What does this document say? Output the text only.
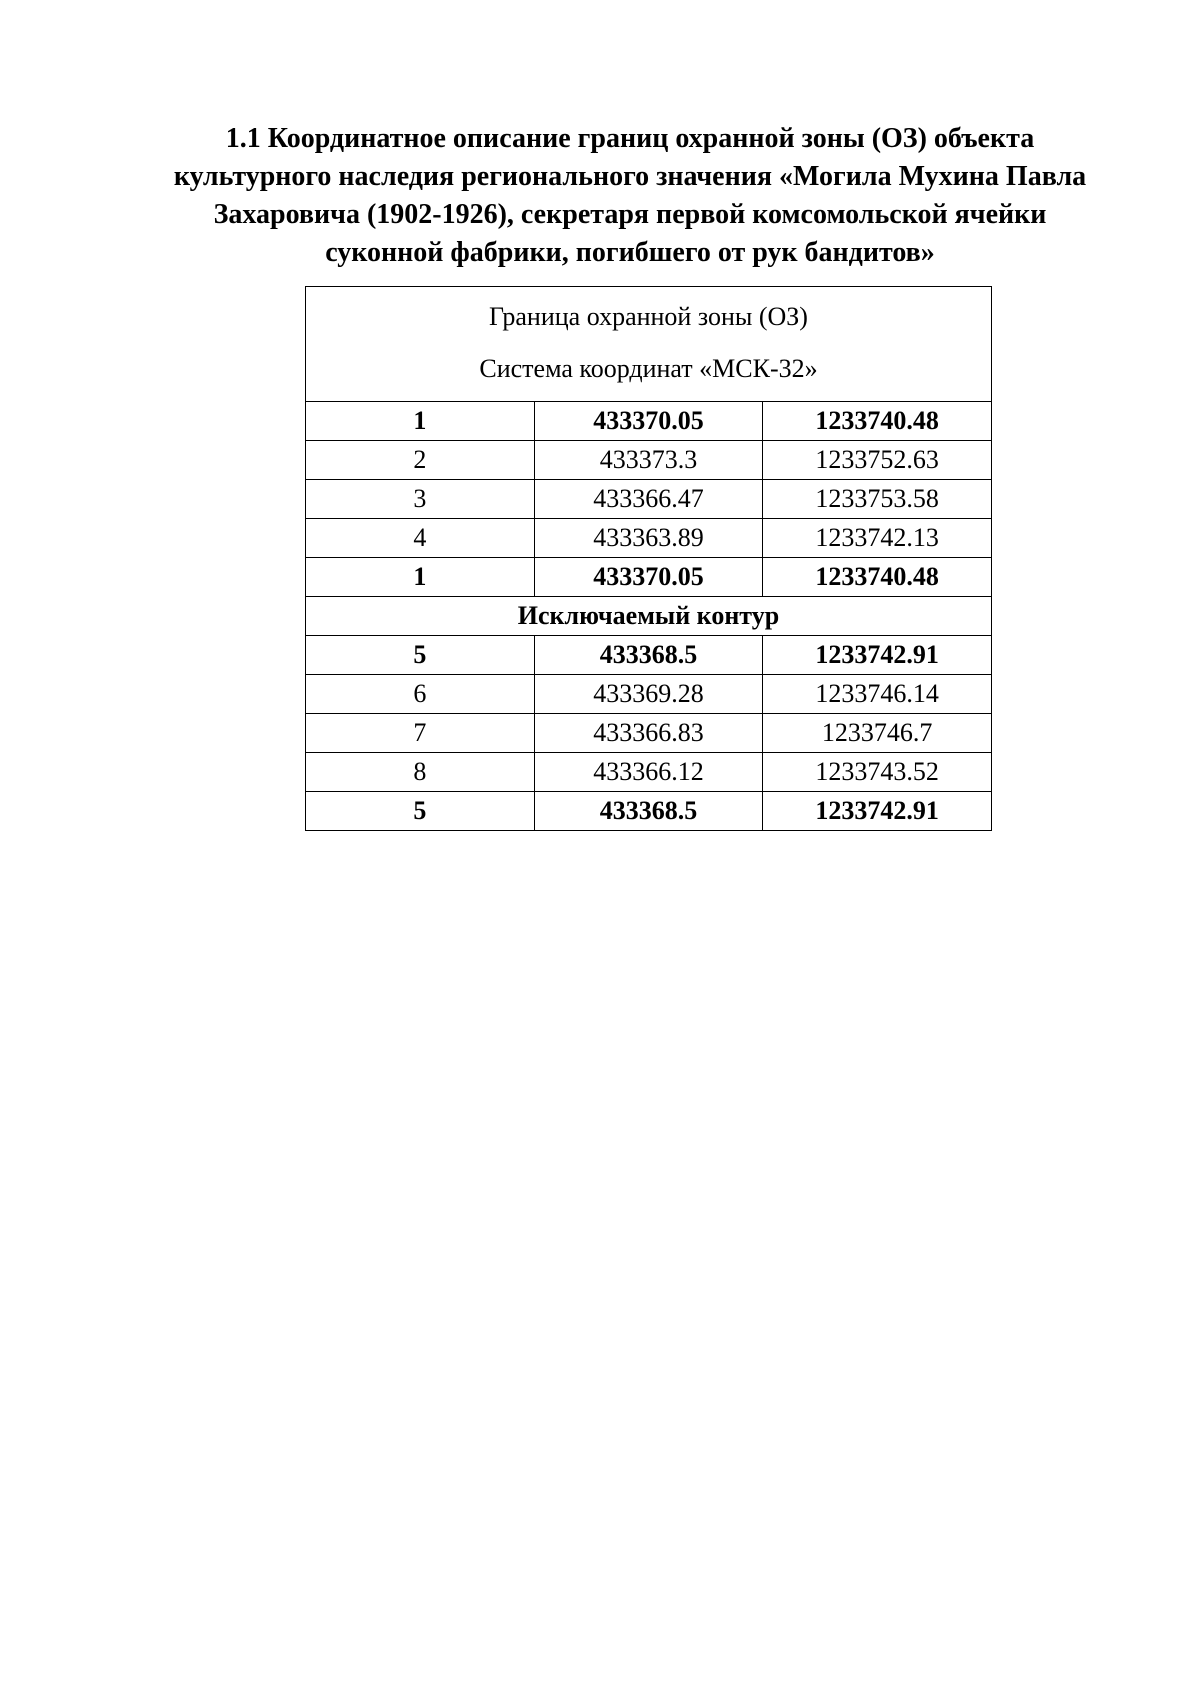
1.1 Координатное описание границ охранной зоны (ОЗ) объекта
культурного наследия регионального значения «Могила Мухина Павла
Захаровича (1902-1926), секретаря первой комсомольской ячейки
суконной фабрики, погибшего от рук бандитов»
Граница охранной зоны (ОЗ)
Система координат «МСК-32»		

1	433370.05	1233740.48
2	433373.3	1233752.63
3	433366.47	1233753.58
4	433363.89	1233742.13
1	433370.05	1233740.48
Исключаемый контур		
5	433368.5	1233742.91
6	433369.28	1233746.14
7	433366.83	1233746.7
8	433366.12	1233743.52
5	433368.5	1233742.91
